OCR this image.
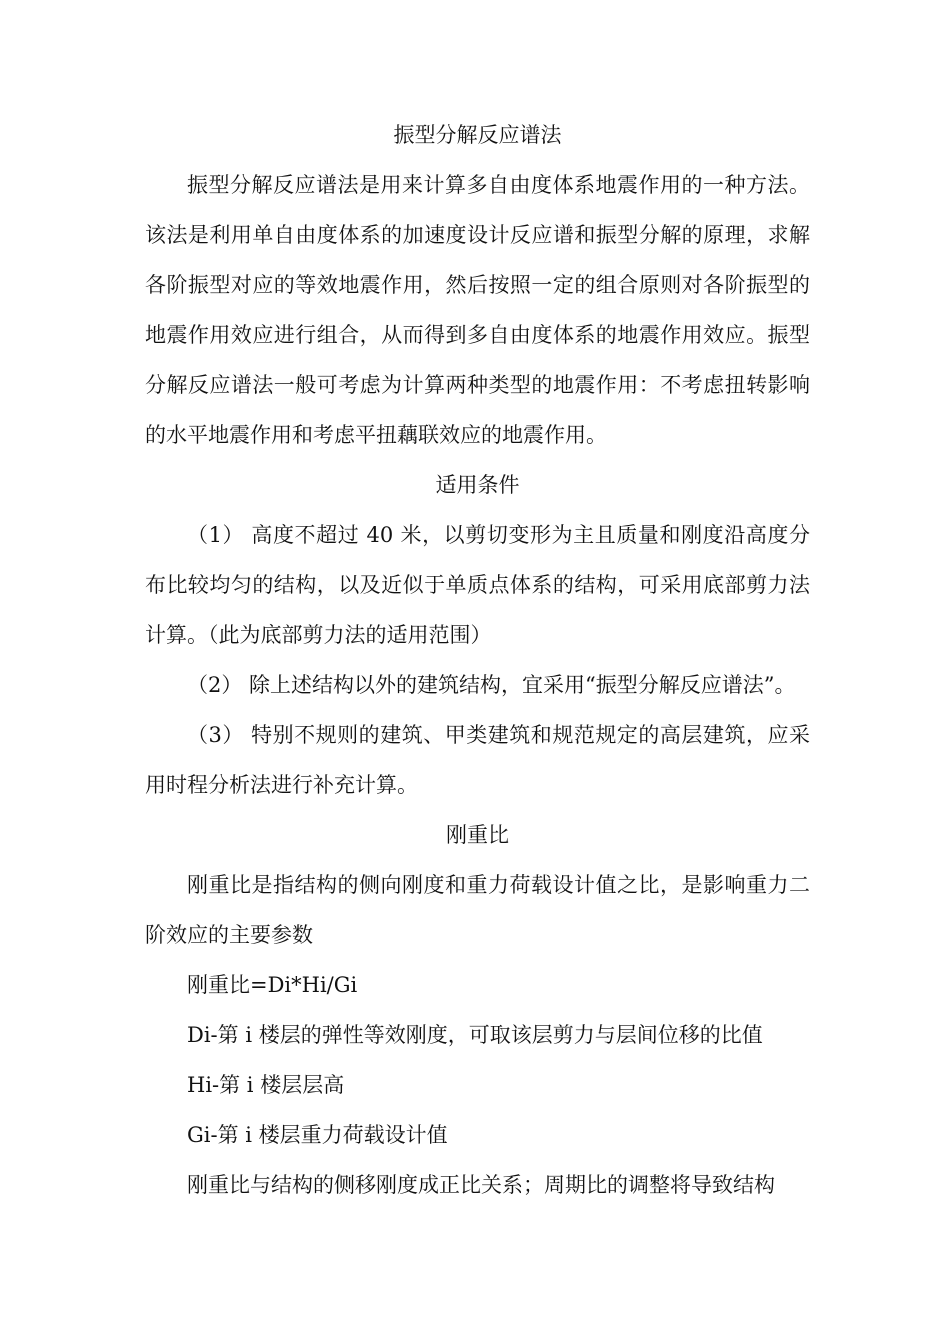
振型分解反应谱法

振型分解反应谱法是用来计算多自由度体系地震作用的一种方法。该法是利用单自由度体系的加速度设计反应谱和振型分解的原理，求解各阶振型对应的等效地震作用，然后按照一定的组合原则对各阶振型的地震作用效应进行组合，从而得到多自由度体系的地震作用效应。振型分解反应谱法一般可考虑为计算两种类型的地震作用：不考虑扭转影响的水平地震作用和考虑平扭藕联效应的地震作用。

适用条件

（1） 高度不超过 40 米，以剪切变形为主且质量和刚度沿高度分布比较均匀的结构，以及近似于单质点体系的结构，可采用底部剪力法计算。（此为底部剪力法的适用范围）

（2） 除上述结构以外的建筑结构，宜采用“振型分解反应谱法”。

（3） 特别不规则的建筑、甲类建筑和规范规定的高层建筑，应采用时程分析法进行补充计算。

刚重比

刚重比是指结构的侧向刚度和重力荷载设计值之比，是影响重力二阶效应的主要参数

刚重比=Di*Hi/Gi

Di-第 i 楼层的弹性等效刚度，可取该层剪力与层间位移的比值

Hi-第 i 楼层层高

Gi-第 i 楼层重力荷载设计值

刚重比与结构的侧移刚度成正比关系；周期比的调整将导致结构
